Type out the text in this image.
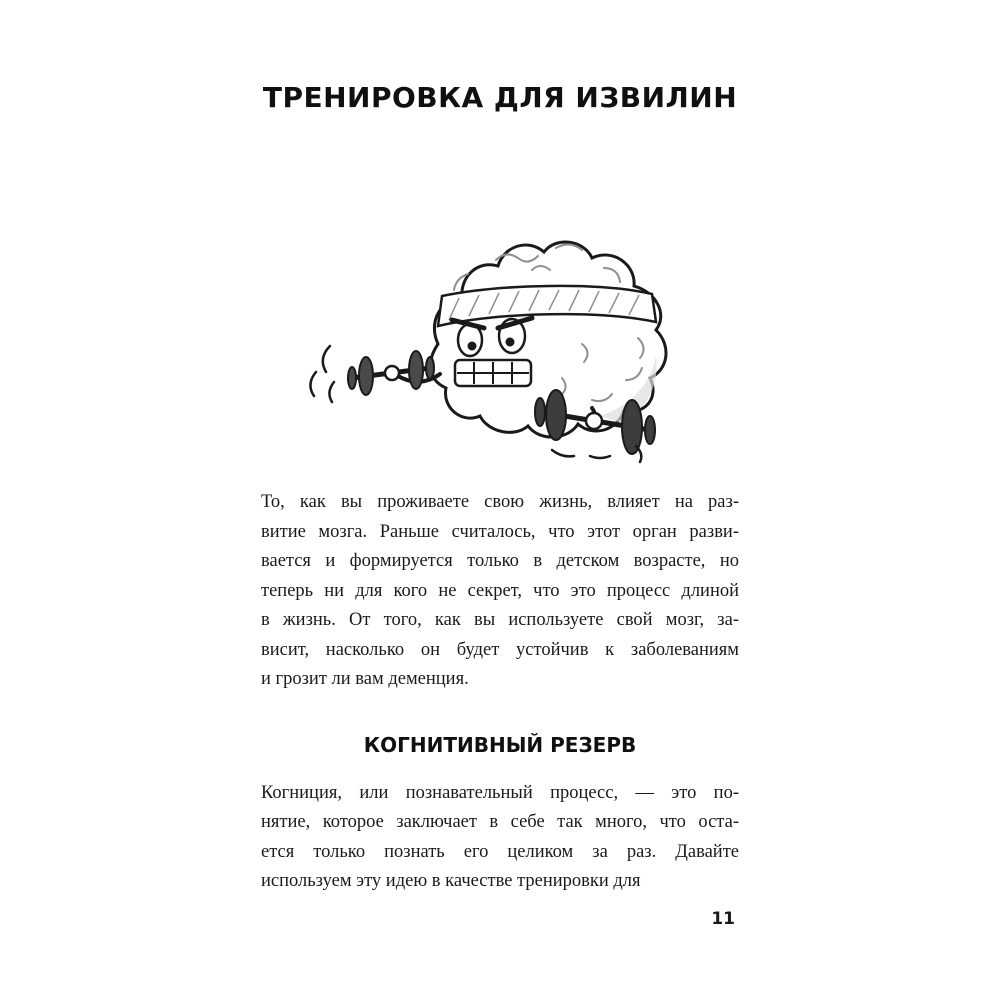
ТРЕНИРОВКА ДЛЯ ИЗВИЛИН
То, как вы проживаете свою жизнь, влияет на раз-
витие мозга. Раньше считалось, что этот орган разви-
вается и формируется только в детском возрасте, но
теперь ни для кого не секрет, что это процесс длиной
в жизнь. От того, как вы используете свой мозг, за-
висит, насколько он будет устойчив к заболеваниям
и грозит ли вам деменция.
КОГНИТИВНЫЙ РЕЗЕРВ
Когниция, или познавательный процесс, — это по-
нятие, которое заключает в себе так много, что оста-
ется только познать его целиком за раз. Давайте
используем эту идею в качестве тренировки для
11
